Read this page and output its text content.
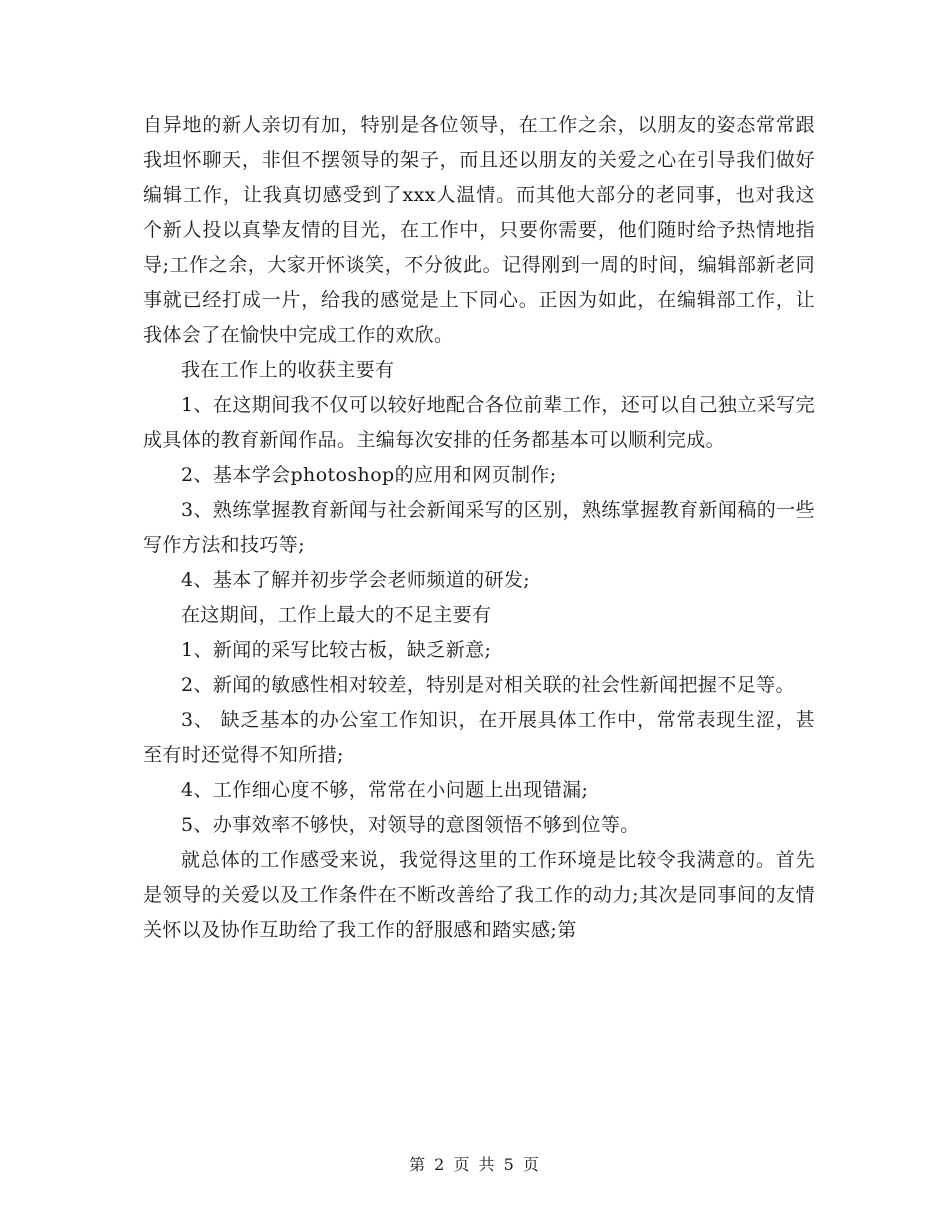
自异地的新人亲切有加，特别是各位领导，在工作之余，以朋友的姿态常常跟我坦怀聊天，非但不摆领导的架子，而且还以朋友的关爱之心在引导我们做好编辑工作，让我真切感受到了xxx人温情。而其他大部分的老同事，也对我这个新人投以真挚友情的目光，在工作中，只要你需要，他们随时给予热情地指导;工作之余，大家开怀谈笑，不分彼此。记得刚到一周的时间，编辑部新老同事就已经打成一片，给我的感觉是上下同心。正因为如此，在编辑部工作，让我体会了在愉快中完成工作的欢欣。

我在工作上的收获主要有

1、在这期间我不仅可以较好地配合各位前辈工作，还可以自己独立采写完成具体的教育新闻作品。主编每次安排的任务都基本可以顺利完成。

2、基本学会photoshop的应用和网页制作;

3、熟练掌握教育新闻与社会新闻采写的区别，熟练掌握教育新闻稿的一些写作方法和技巧等;

4、基本了解并初步学会老师频道的研发;

在这期间，工作上最大的不足主要有

1、新闻的采写比较古板，缺乏新意;

2、新闻的敏感性相对较差，特别是对相关联的社会性新闻把握不足等。

3、 缺乏基本的办公室工作知识，在开展具体工作中，常常表现生涩，甚至有时还觉得不知所措;

4、工作细心度不够，常常在小问题上出现错漏;

5、办事效率不够快，对领导的意图领悟不够到位等。

就总体的工作感受来说，我觉得这里的工作环境是比较令我满意的。首先是领导的关爱以及工作条件在不断改善给了我工作的动力;其次是同事间的友情关怀以及协作互助给了我工作的舒服感和踏实感;第

第 2 页 共 5 页
